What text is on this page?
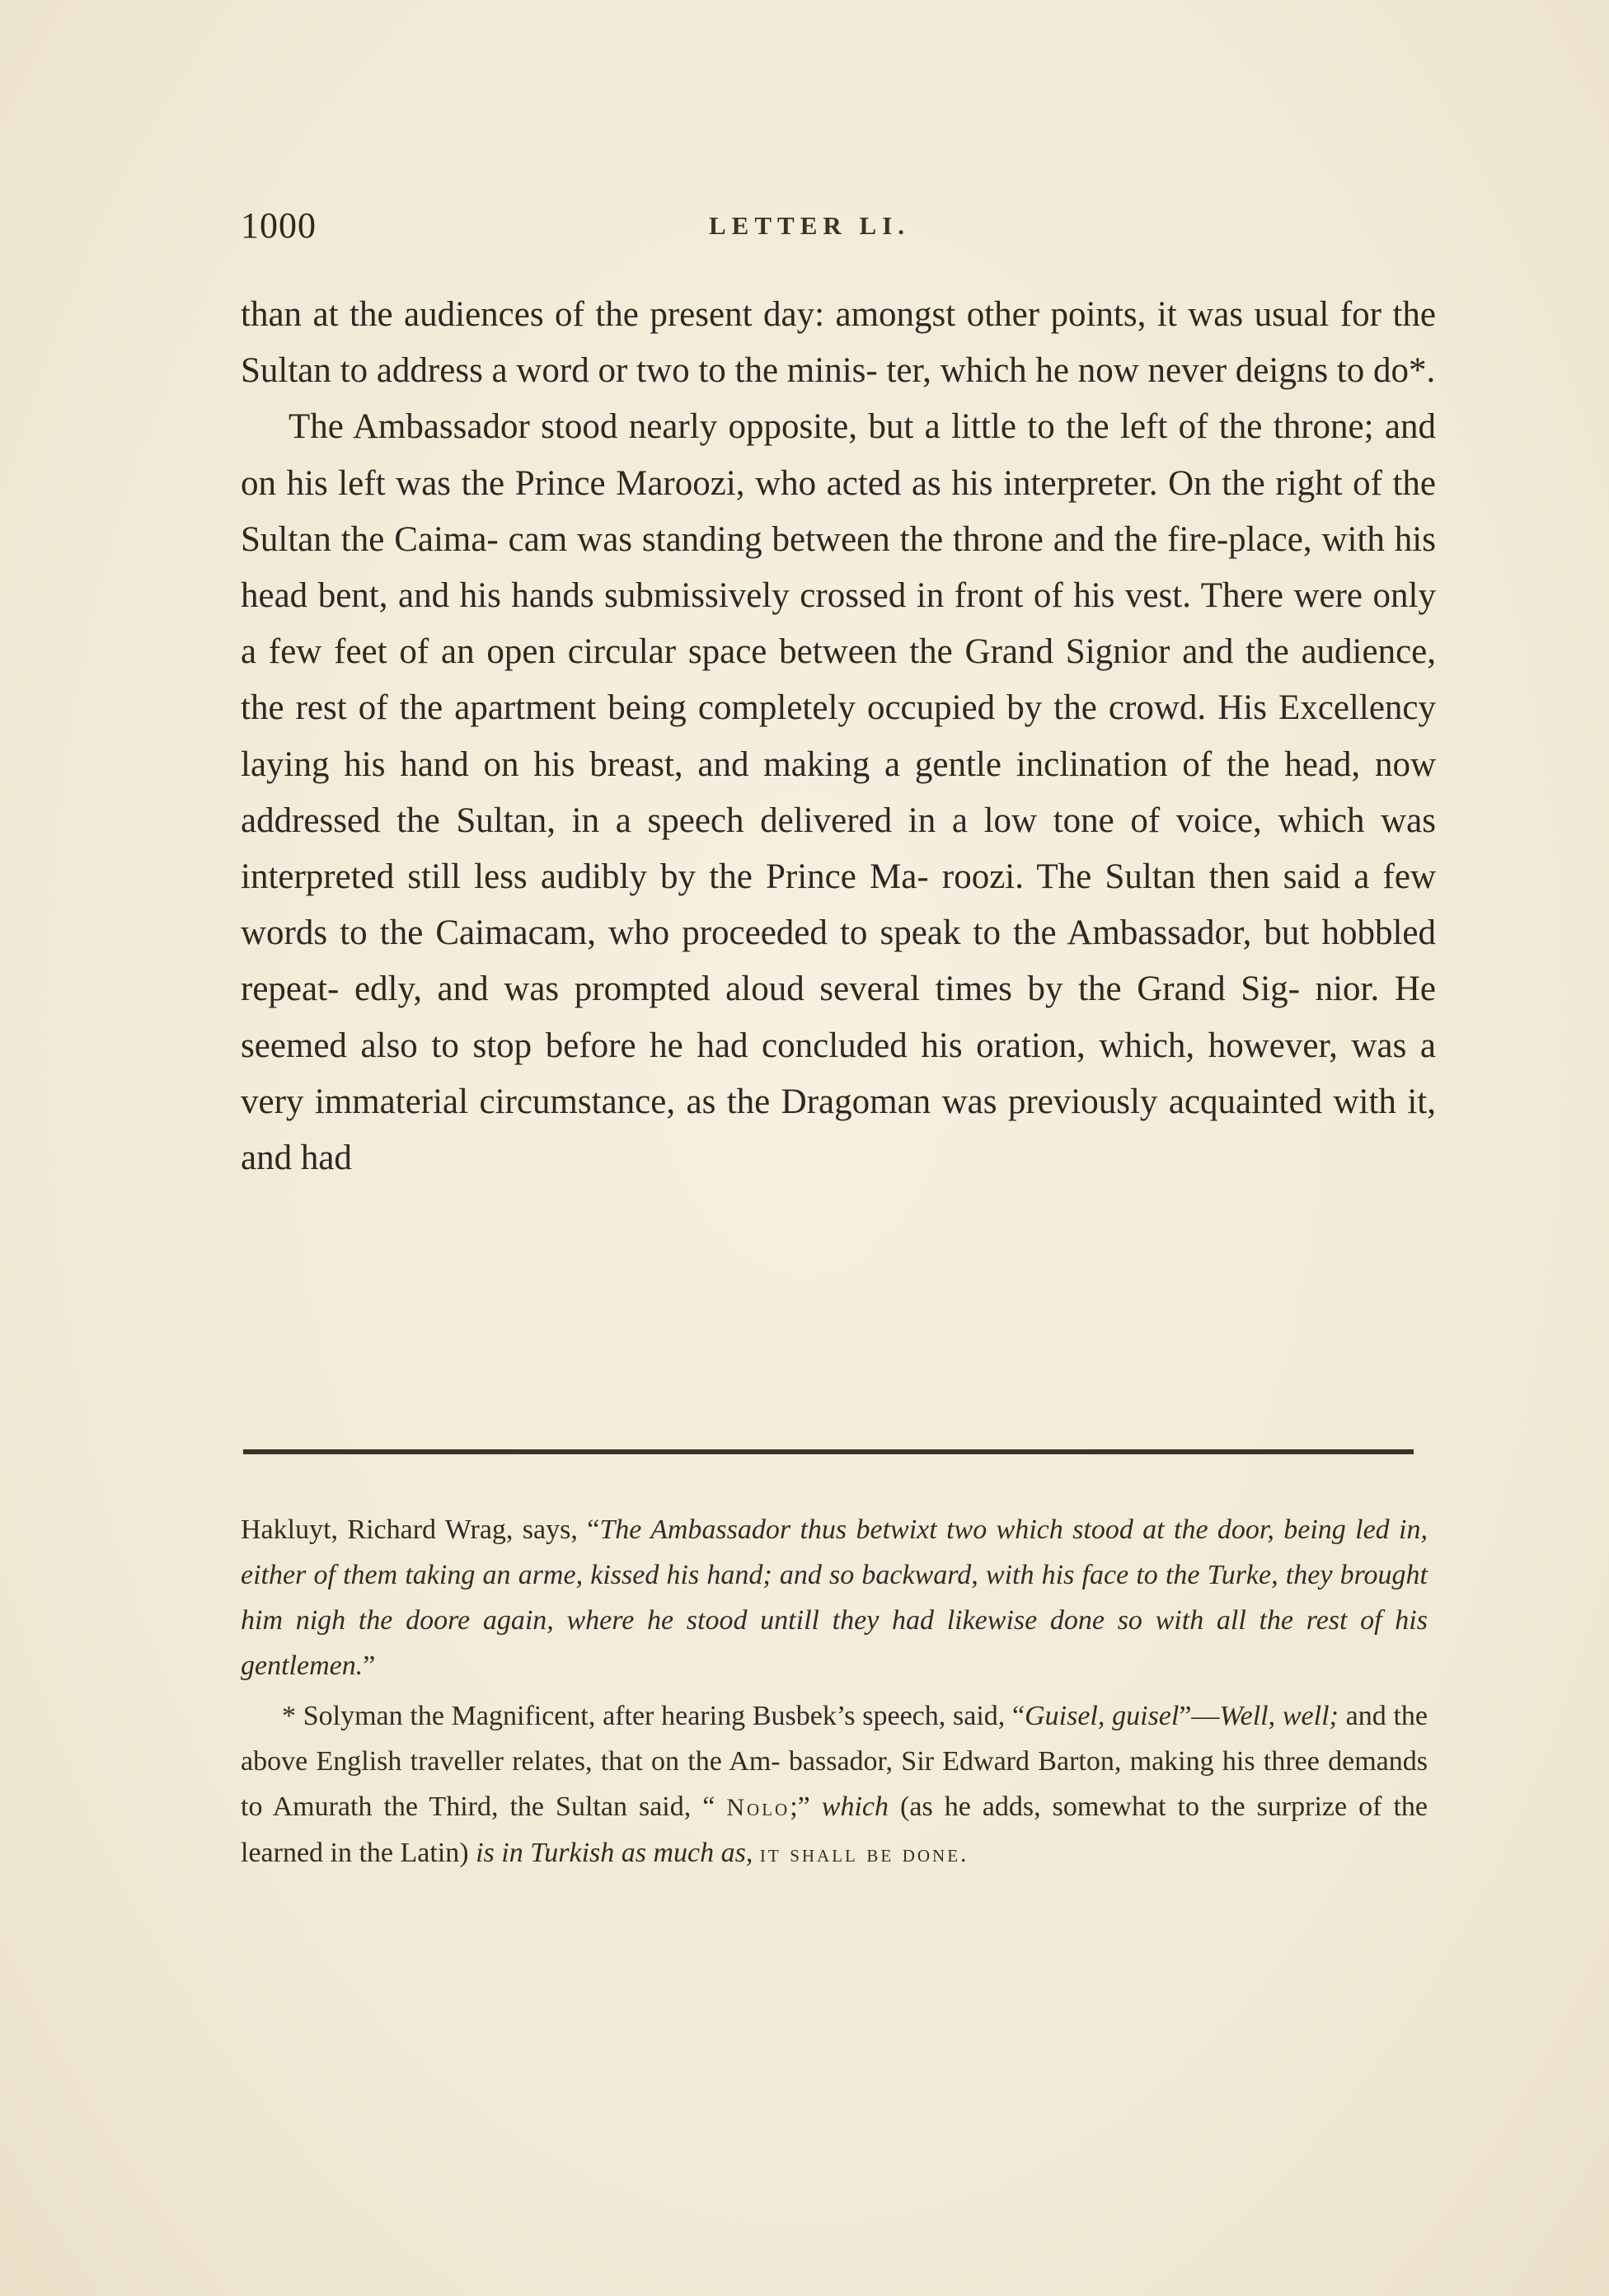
1000	LETTER LI.

than at the audiences of the present day: amongst other points, it was usual for the Sultan to address a word or two to the minis- ter, which he now never deigns to do*.

The Ambassador stood nearly opposite, but a little to the left of the throne; and on his left was the Prince Maroozi, who acted as his interpreter. On the right of the Sultan the Caima- cam was standing between the throne and the fire-place, with his head bent, and his hands submissively crossed in front of his vest. There were only a few feet of an open circular space between the Grand Signior and the audience, the rest of the apartment being completely occupied by the crowd. His Excellency laying his hand on his breast, and making a gentle inclination of the head, now addressed the Sultan, in a speech delivered in a low tone of voice, which was interpreted still less audibly by the Prince Ma- roozi. The Sultan then said a few words to the Caimacam, who proceeded to speak to the Ambassador, but hobbled repeat- edly, and was prompted aloud several times by the Grand Sig- nior. He seemed also to stop before he had concluded his oration, which, however, was a very immaterial circumstance, as the Dragoman was previously acquainted with it, and had

Hakluyt, Richard Wrag, says, “The Ambassador thus betwixt two which stood at the door, being led in, either of them taking an arme, kissed his hand; and so backward, with his face to the Turke, they brought him nigh the doore again, where he stood untill they had likewise done so with all the rest of his gentlemen.”

* Solyman the Magnificent, after hearing Busbek’s speech, said, “Guisel, guisel”—Well, well; and the above English traveller relates, that on the Am- bassador, Sir Edward Barton, making his three demands to Amurath the Third, the Sultan said, “ Nolo;” which (as he adds, somewhat to the surprize of the learned in the Latin) is in Turkish as much as, it shall be done.
